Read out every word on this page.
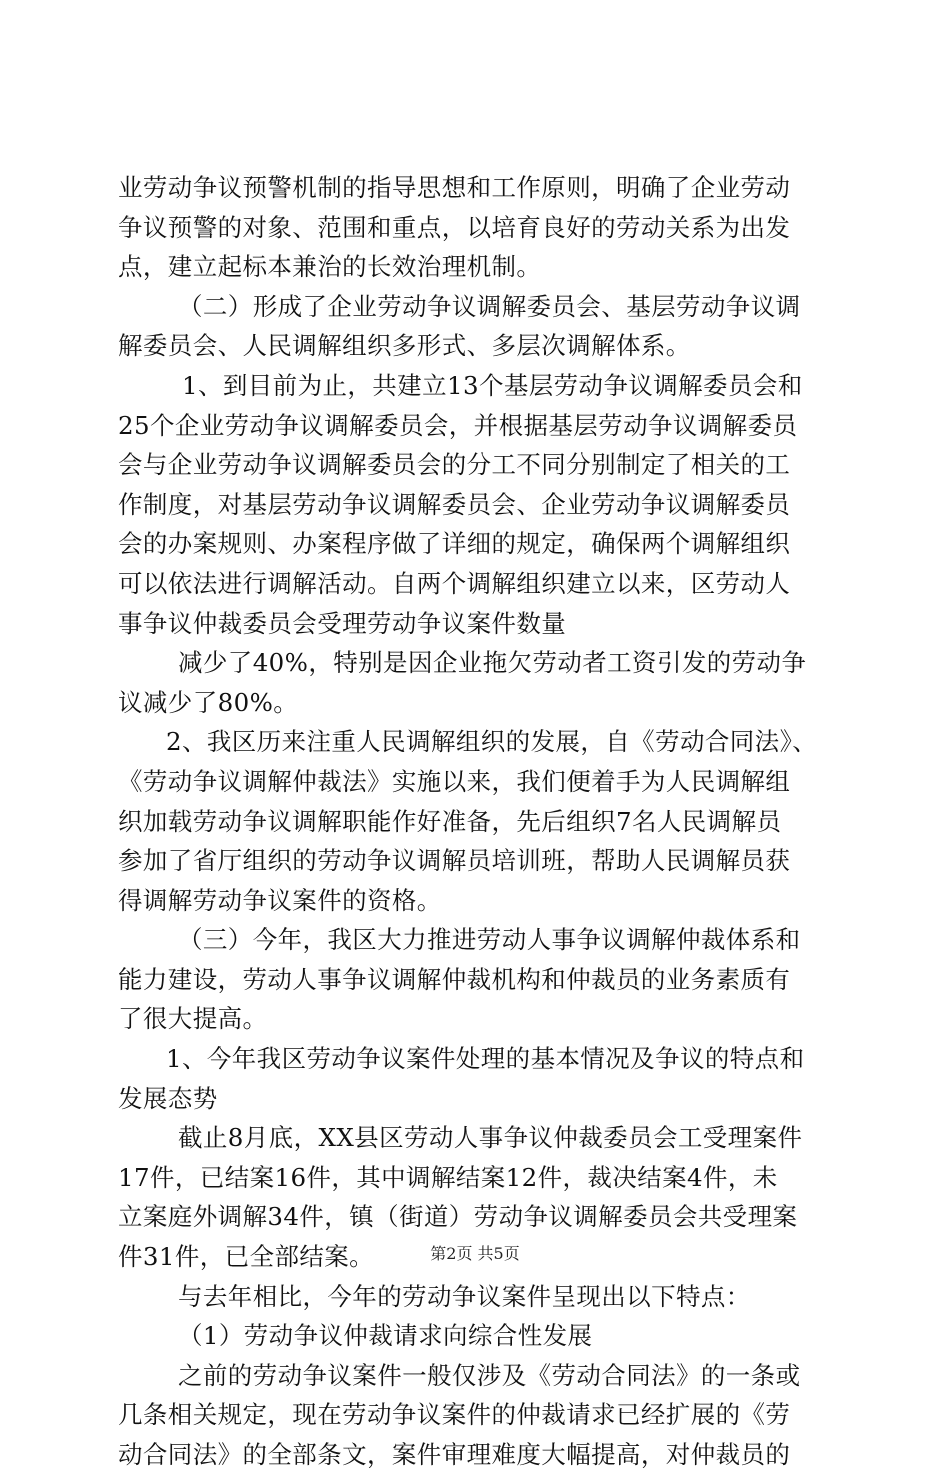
业劳动争议预警机制的指导思想和工作原则，明确了企业劳动
争议预警的对象、范围和重点，以培育良好的劳动关系为出发
点，建立起标本兼治的长效治理机制。
（二）形成了企业劳动争议调解委员会、基层劳动争议调
解委员会、人民调解组织多形式、多层次调解体系。
1、到目前为止，共建立13个基层劳动争议调解委员会和
25个企业劳动争议调解委员会，并根据基层劳动争议调解委员
会与企业劳动争议调解委员会的分工不同分别制定了相关的工
作制度，对基层劳动争议调解委员会、企业劳动争议调解委员
会的办案规则、办案程序做了详细的规定，确保两个调解组织
可以依法进行调解活动。自两个调解组织建立以来，区劳动人
事争议仲裁委员会受理劳动争议案件数量
减少了40%，特别是因企业拖欠劳动者工资引发的劳动争
议减少了80%。
2、我区历来注重人民调解组织的发展，自《劳动合同法》、
《劳动争议调解仲裁法》实施以来，我们便着手为人民调解组
织加载劳动争议调解职能作好准备，先后组织7名人民调解员
参加了省厅组织的劳动争议调解员培训班，帮助人民调解员获
得调解劳动争议案件的资格。
（三）今年，我区大力推进劳动人事争议调解仲裁体系和
能力建设，劳动人事争议调解仲裁机构和仲裁员的业务素质有
了很大提高。
1、今年我区劳动争议案件处理的基本情况及争议的特点和
发展态势
截止8月底，XX县区劳动人事争议仲裁委员会工受理案件
17件，已结案16件，其中调解结案12件，裁决结案4件，未
立案庭外调解34件，镇（街道）劳动争议调解委员会共受理案
件31件，已全部结案。
与去年相比，今年的劳动争议案件呈现出以下特点：
（1）劳动争议仲裁请求向综合性发展
之前的劳动争议案件一般仅涉及《劳动合同法》的一条或
几条相关规定，现在劳动争议案件的仲裁请求已经扩展的《劳
动合同法》的全部条文，案件审理难度大幅提高，对仲裁员的
第2页 共5页
